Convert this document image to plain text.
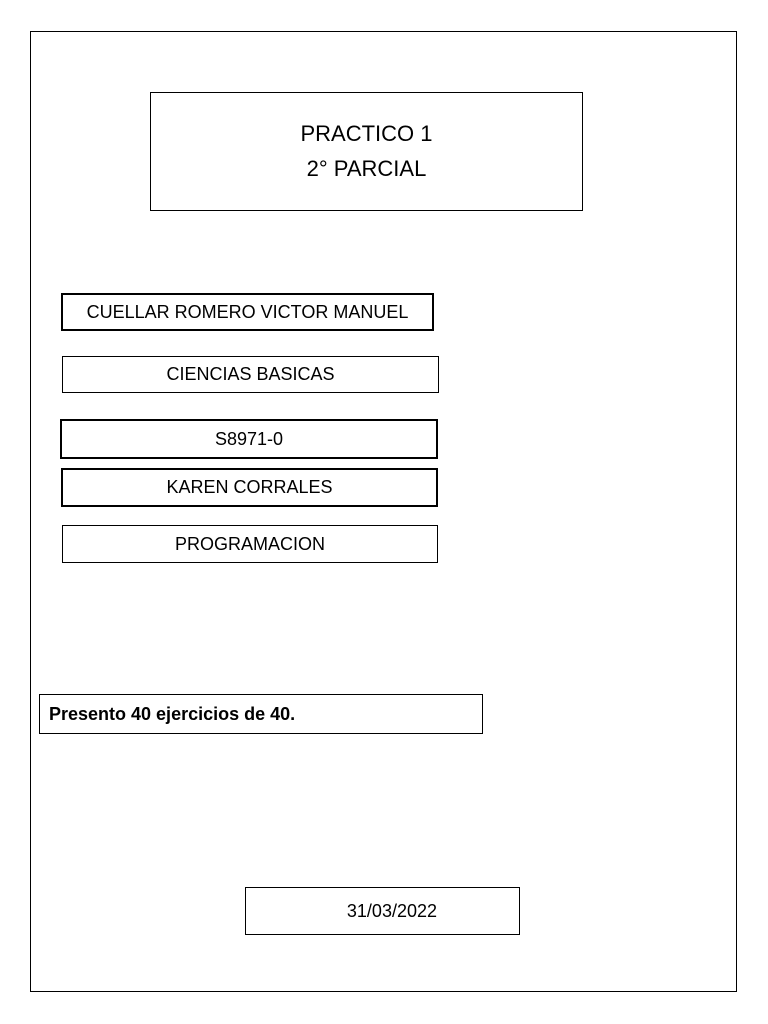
PRACTICO 1
2° PARCIAL
CUELLAR ROMERO VICTOR MANUEL
CIENCIAS BASICAS
S8971-0
KAREN CORRALES
PROGRAMACION
Presento 40 ejercicios de 40.
31/03/2022
